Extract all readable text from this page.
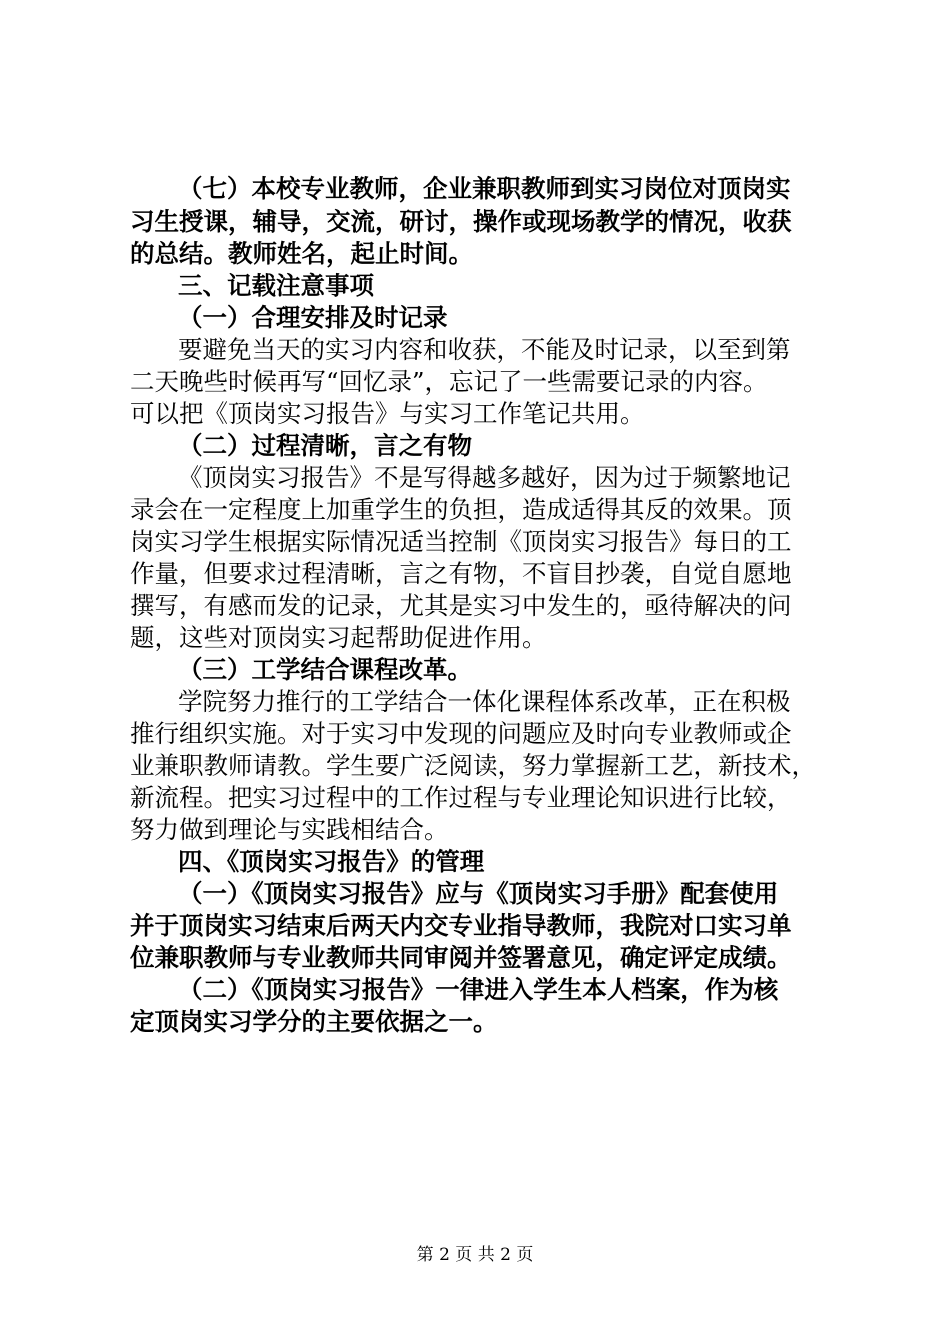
（七）本校专业教师，企业兼职教师到实习岗位对顶岗实
习生授课，辅导，交流，研讨，操作或现场教学的情况，收获
的总结。教师姓名，起止时间。
三、记载注意事项
（一）合理安排及时记录
要避免当天的实习内容和收获，不能及时记录，以至到第
二天晚些时候再写“回忆录”，忘记了一些需要记录的内容。
可以把《顶岗实习报告》与实习工作笔记共用。
（二）过程清晰，言之有物
《顶岗实习报告》不是写得越多越好，因为过于频繁地记
录会在一定程度上加重学生的负担，造成适得其反的效果。顶
岗实习学生根据实际情况适当控制《顶岗实习报告》每日的工
作量，但要求过程清晰，言之有物，不盲目抄袭，自觉自愿地
撰写，有感而发的记录，尤其是实习中发生的，亟待解决的问
题，这些对顶岗实习起帮助促进作用。
（三）工学结合课程改革。
学院努力推行的工学结合一体化课程体系改革，正在积极
推行组织实施。对于实习中发现的问题应及时向专业教师或企
业兼职教师请教。学生要广泛阅读，努力掌握新工艺，新技术，
新流程。把实习过程中的工作过程与专业理论知识进行比较，
努力做到理论与实践相结合。
四、《顶岗实习报告》的管理
（一）《顶岗实习报告》应与《顶岗实习手册》配套使用
并于顶岗实习结束后两天内交专业指导教师，我院对口实习单
位兼职教师与专业教师共同审阅并签署意见，确定评定成绩。
（二）《顶岗实习报告》一律进入学生本人档案，作为核
定顶岗实习学分的主要依据之一。
第 2 页 共 2 页
